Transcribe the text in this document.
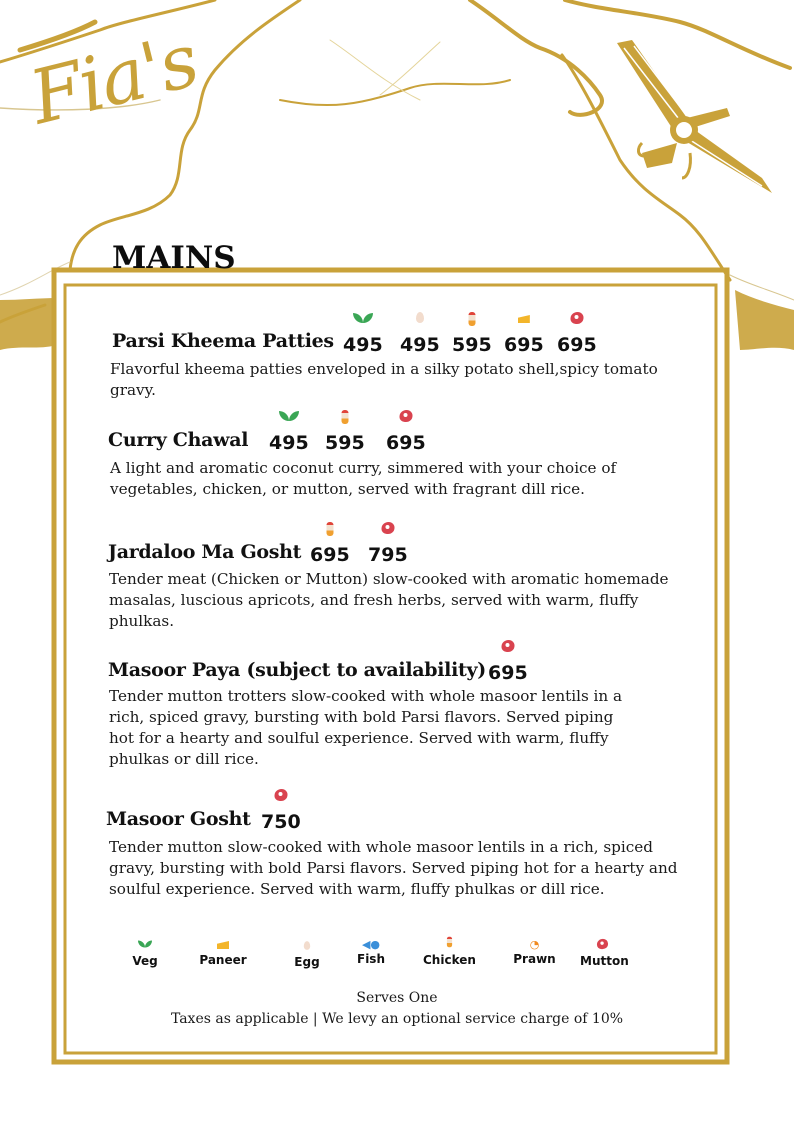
Fia's
MAINS
Parsi Kheema Patties 495 495 595 695 695
Flavorful kheema patties enveloped in a silky potato shell,spicy tomato
gravy.
Curry Chawal 495 595 695
A light and aromatic coconut curry, simmered with your choice of
vegetables, chicken, or mutton, served with fragrant dill rice.
Jardaloo Ma Gosht 695 795
Tender meat (Chicken or Mutton) slow-cooked with aromatic homemade
masalas, luscious apricots, and fresh herbs, served with warm, fluffy
phulkas.
Masoor Paya (subject to availability) 695
Tender mutton trotters slow-cooked with whole masoor lentils in a
rich, spiced gravy, bursting with bold Parsi flavors. Served piping
hot for a hearty and soulful experience. Served with warm, fluffy
phulkas or dill rice.
Masoor Gosht 750
Tender mutton slow-cooked with whole masoor lentils in a rich, spiced
gravy, bursting with bold Parsi flavors. Served piping hot for a hearty and
soulful experience. Served with warm, fluffy phulkas or dill rice.
Veg	Paneer	Egg
◀●
Fish	Chicken
◔
Prawn Mutton
Serves One
Taxes as applicable | We levy an optional service charge of 10%
